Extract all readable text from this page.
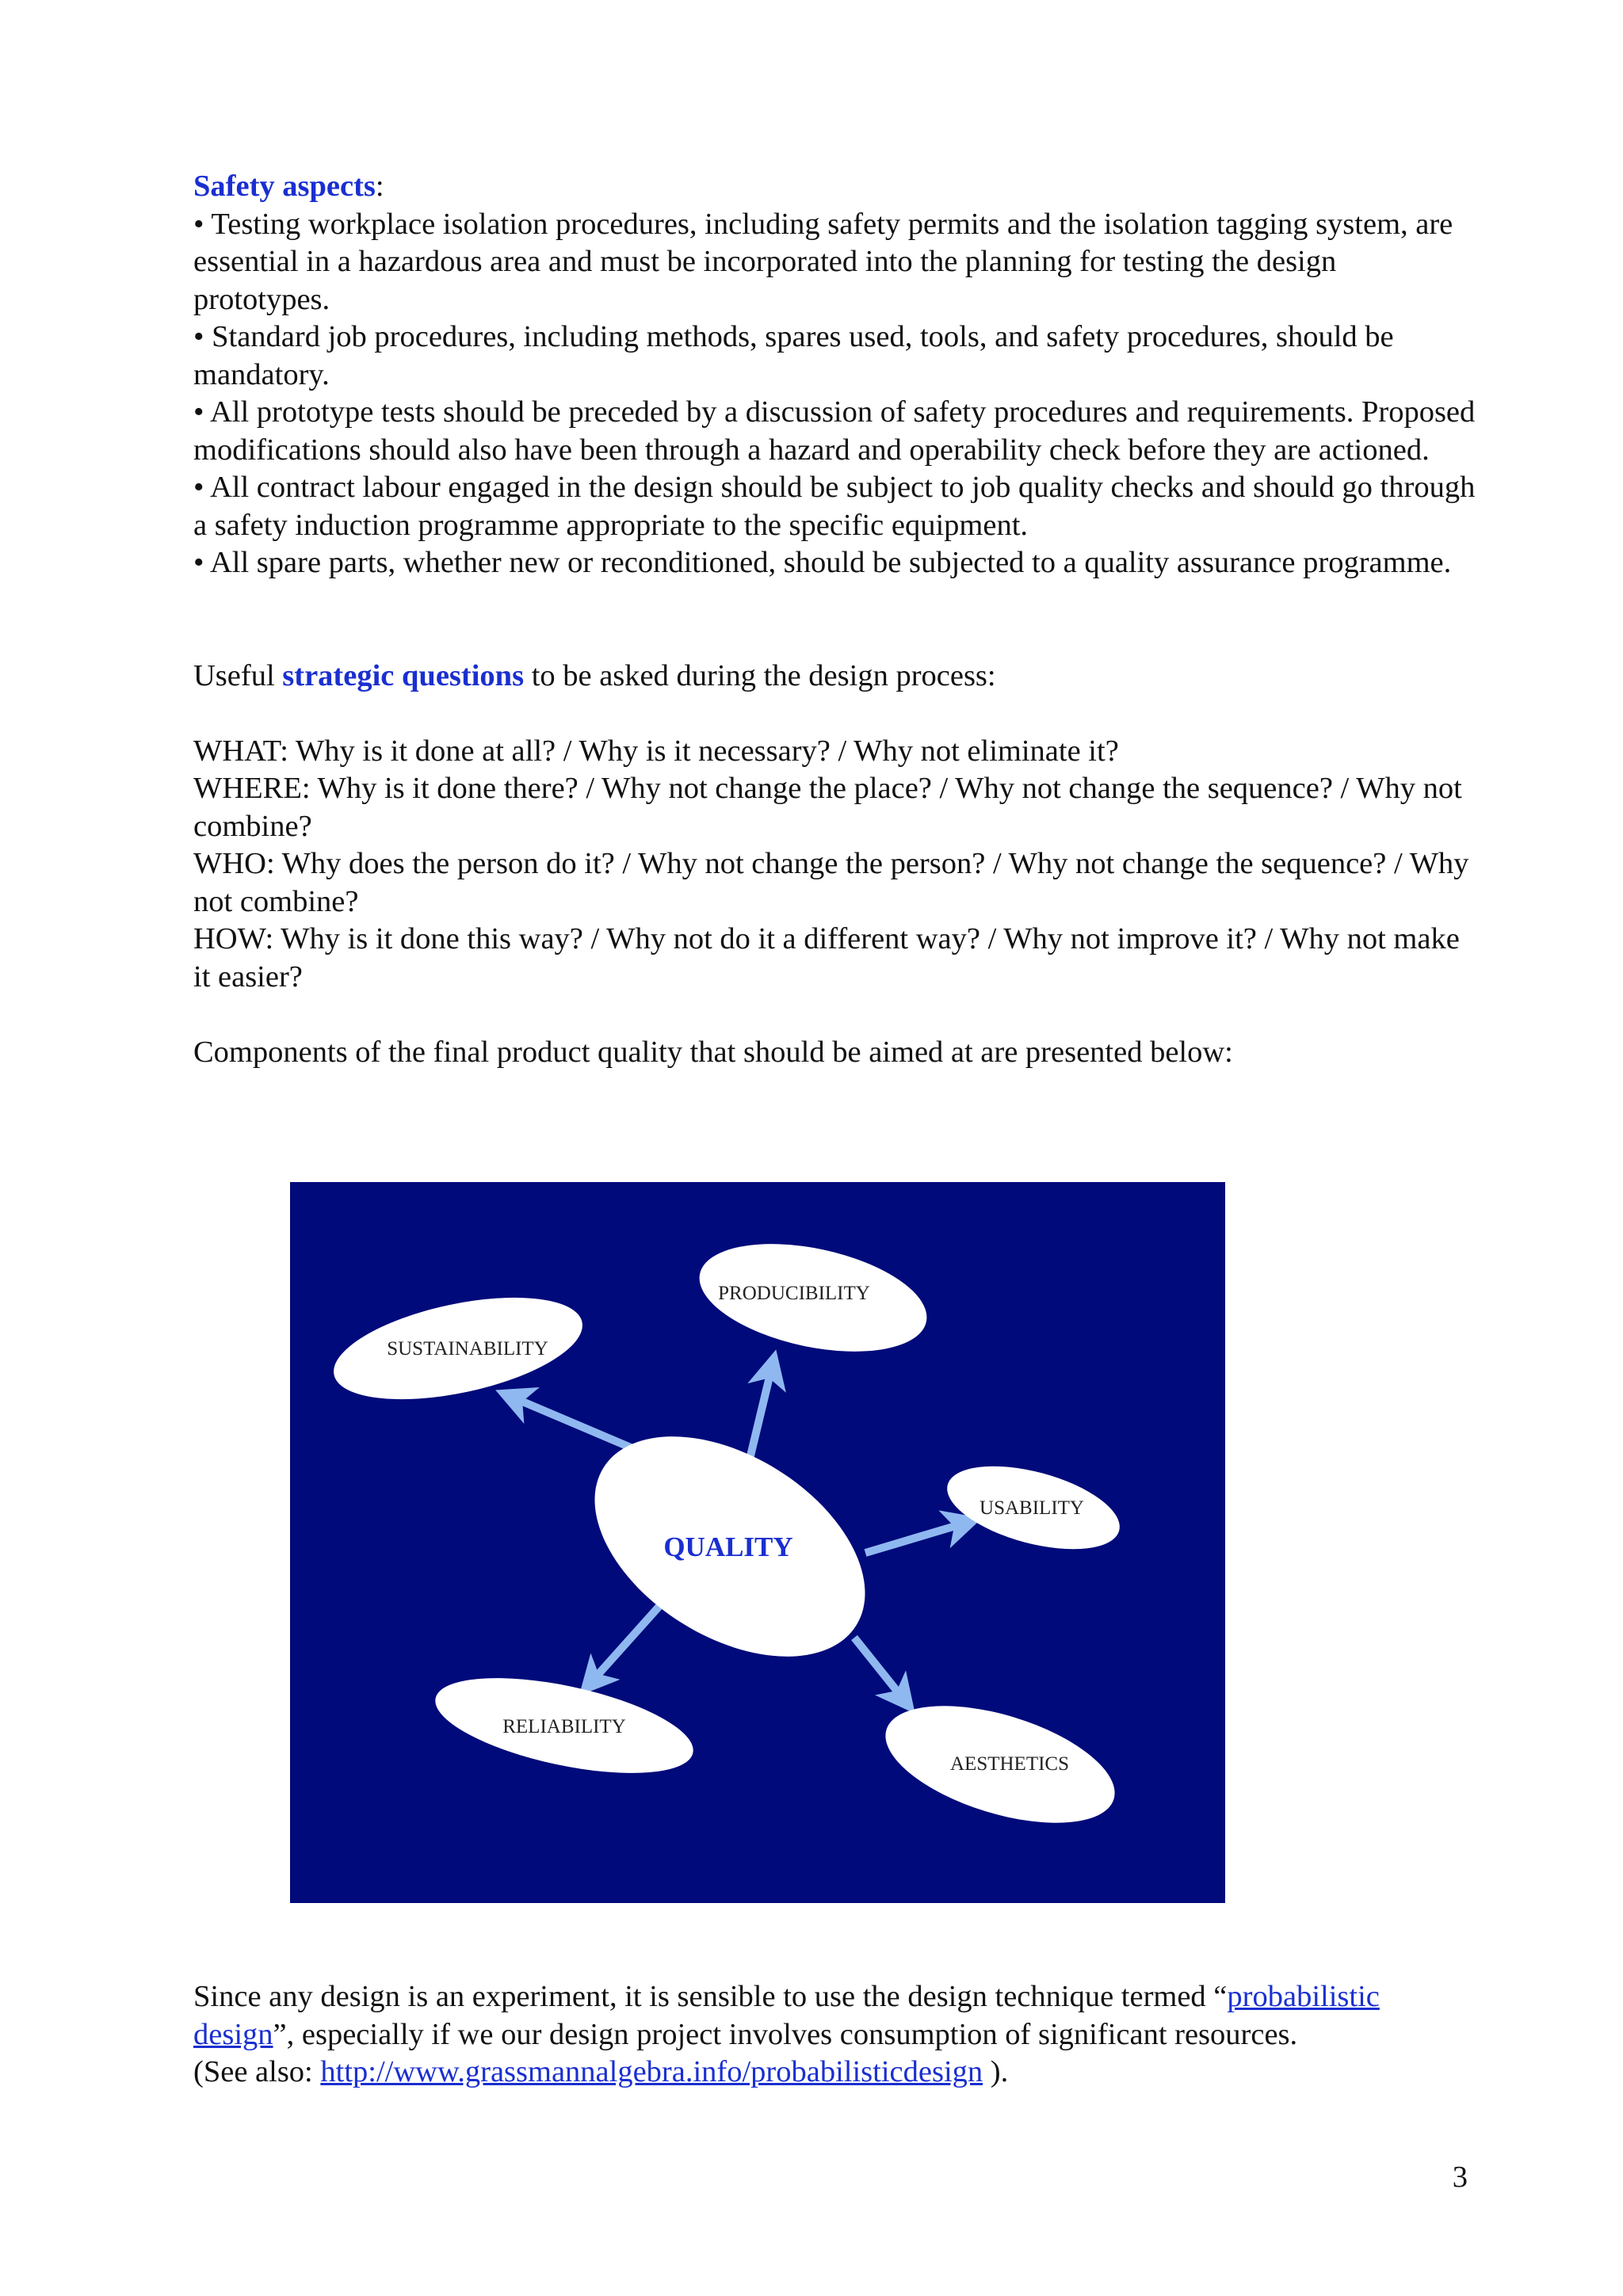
Safety aspects:

• Testing workplace isolation procedures, including safety permits and the isolation tagging system, are essential in a hazardous area and must be incorporated into the planning for testing the design prototypes.

• Standard job procedures, including methods, spares used, tools, and safety procedures, should be mandatory.

• All prototype tests should be preceded by a discussion of safety procedures and requirements. Proposed modifications should also have been through a hazard and operability check before they are actioned.

• All contract labour engaged in the design should be subject to job quality checks and should go through a safety induction programme appropriate to the specific equipment.

• All spare parts, whether new or reconditioned, should be subjected to a quality assurance programme.

Useful strategic questions to be asked during the design process:

WHAT: Why is it done at all? / Why is it necessary? / Why not eliminate it?

WHERE: Why is it done there? / Why not change the place? / Why not change the sequence? / Why not combine?

WHO: Why does the person do it? / Why not change the person? / Why not change the sequence? / Why not combine?

HOW: Why is it done this way? / Why not do it a different way? / Why not improve it? / Why not make it easier?

Components of the final product quality that should be aimed at are presented below:

QUALITY
PRODUCIBILITY
SUSTAINABILITY
USABILITY
RELIABILITY
AESTHETICS

Since any design is an experiment, it is sensible to use the design technique termed “probabilistic design”, especially if we our design project involves consumption of significant resources.

(See also: http://www.grassmannalgebra.info/probabilisticdesign ).

3
